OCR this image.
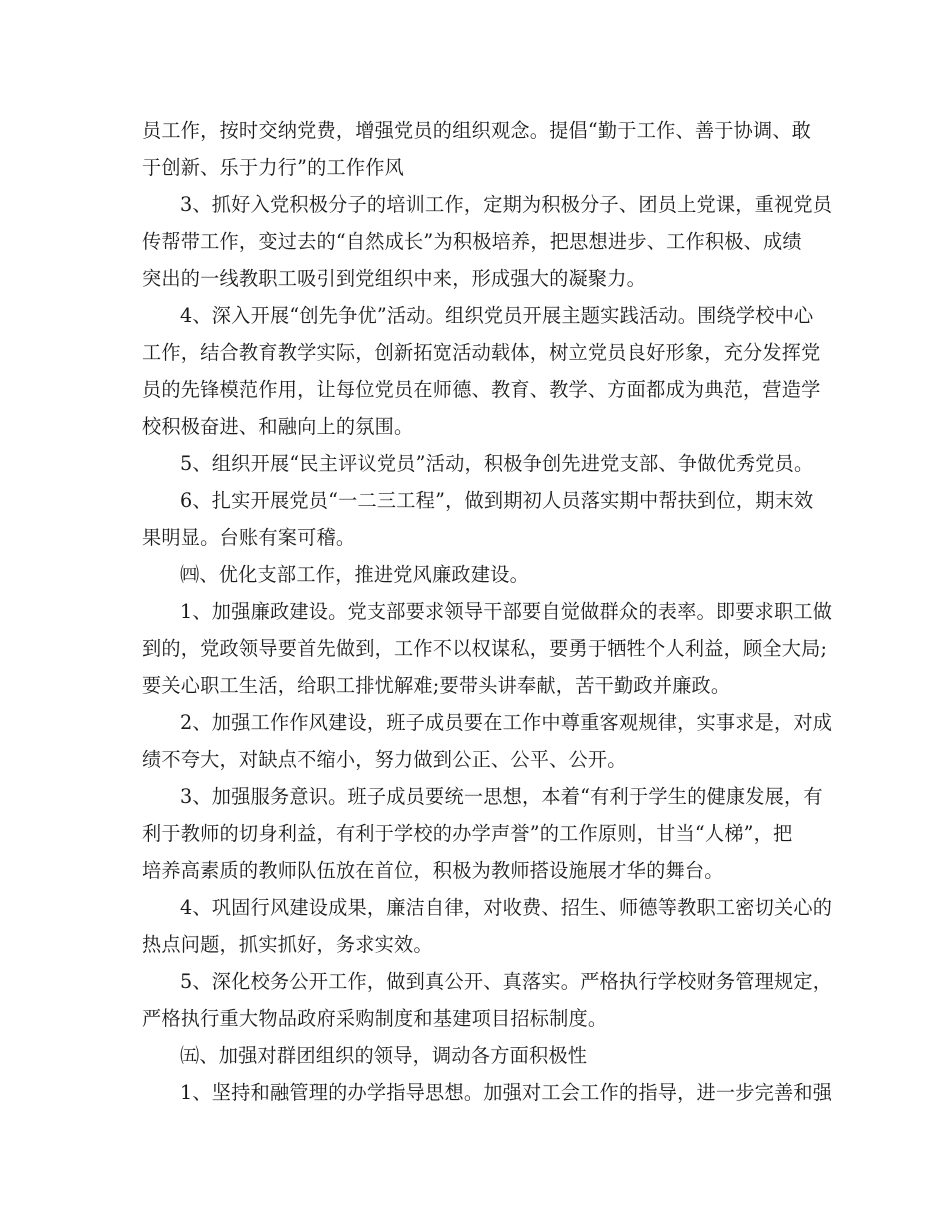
员工作，按时交纳党费，增强党员的组织观念。提倡“勤于工作、善于协调、敢

于创新、乐于力行”的工作作风

3、抓好入党积极分子的培训工作，定期为积极分子、团员上党课，重视党员

传帮带工作，变过去的“自然成长”为积极培养，把思想进步、工作积极、成绩

突出的一线教职工吸引到党组织中来，形成强大的凝聚力。

4、深入开展“创先争优”活动。组织党员开展主题实践活动。围绕学校中心

工作，结合教育教学实际，创新拓宽活动载体，树立党员良好形象，充分发挥党

员的先锋模范作用，让每位党员在师德、教育、教学、方面都成为典范，营造学

校积极奋进、和融向上的氛围。

5、组织开展“民主评议党员”活动，积极争创先进党支部、争做优秀党员。

6、扎实开展党员“一二三工程”，做到期初人员落实期中帮扶到位，期末效

果明显。台账有案可稽。

㈣、优化支部工作，推进党风廉政建设。

1、加强廉政建设。党支部要求领导干部要自觉做群众的表率。即要求职工做

到的，党政领导要首先做到，工作不以权谋私，要勇于牺牲个人利益，顾全大局;

要关心职工生活，给职工排忧解难;要带头讲奉献，苦干勤政并廉政。

2、加强工作作风建设，班子成员要在工作中尊重客观规律，实事求是，对成

绩不夸大，对缺点不缩小，努力做到公正、公平、公开。

3、加强服务意识。班子成员要统一思想，本着“有利于学生的健康发展，有

利于教师的切身利益，有利于学校的办学声誉”的工作原则，甘当“人梯”，把

培养高素质的教师队伍放在首位，积极为教师搭设施展才华的舞台。

4、巩固行风建设成果，廉洁自律，对收费、招生、师德等教职工密切关心的

热点问题，抓实抓好，务求实效。

5、深化校务公开工作，做到真公开、真落实。严格执行学校财务管理规定，

严格执行重大物品政府采购制度和基建项目招标制度。

㈤、加强对群团组织的领导，调动各方面积极性

1、坚持和融管理的办学指导思想。加强对工会工作的指导，进一步完善和强
